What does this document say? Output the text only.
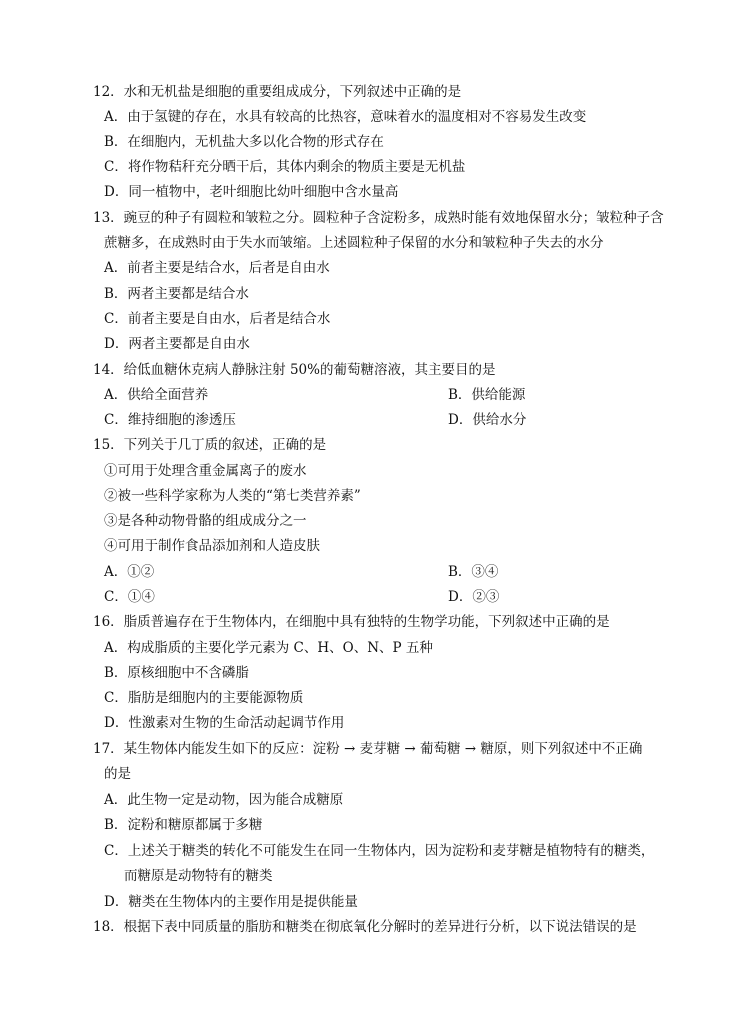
12．水和无机盐是细胞的重要组成成分，下列叙述中正确的是
A．由于氢键的存在，水具有较高的比热容，意味着水的温度相对不容易发生改变
B．在细胞内，无机盐大多以化合物的形式存在
C．将作物秸秆充分晒干后，其体内剩余的物质主要是无机盐
D．同一植物中，老叶细胞比幼叶细胞中含水量高
13．豌豆的种子有圆粒和皱粒之分。圆粒种子含淀粉多，成熟时能有效地保留水分；皱粒种子含
蔗糖多，在成熟时由于失水而皱缩。上述圆粒种子保留的水分和皱粒种子失去的水分
A．前者主要是结合水，后者是自由水
B．两者主要都是结合水
C．前者主要是自由水，后者是结合水
D．两者主要都是自由水
14．给低血糖休克病人静脉注射 50%的葡萄糖溶液，其主要目的是
A．供给全面营养	B．供给能源
C．维持细胞的渗透压	D．供给水分
15．下列关于几丁质的叙述，正确的是
①可用于处理含重金属离子的废水
②被一些科学家称为人类的“第七类营养素”
③是各种动物骨骼的组成成分之一
④可用于制作食品添加剂和人造皮肤
A．①②	B．③④
C．①④	D．②③
16．脂质普遍存在于生物体内，在细胞中具有独特的生物学功能，下列叙述中正确的是
A．构成脂质的主要化学元素为 C、H、O、N、P 五种
B．原核细胞中不含磷脂
C．脂肪是细胞内的主要能源物质
D．性激素对生物的生命活动起调节作用
17．某生物体内能发生如下的反应：淀粉 → 麦芽糖 → 葡萄糖 → 糖原，则下列叙述中不正确
的是
A．此生物一定是动物，因为能合成糖原
B．淀粉和糖原都属于多糖
C．上述关于糖类的转化不可能发生在同一生物体内，因为淀粉和麦芽糖是植物特有的糖类，
而糖原是动物特有的糖类
D．糖类在生物体内的主要作用是提供能量
18．根据下表中同质量的脂肪和糖类在彻底氧化分解时的差异进行分析，以下说法错误的是
